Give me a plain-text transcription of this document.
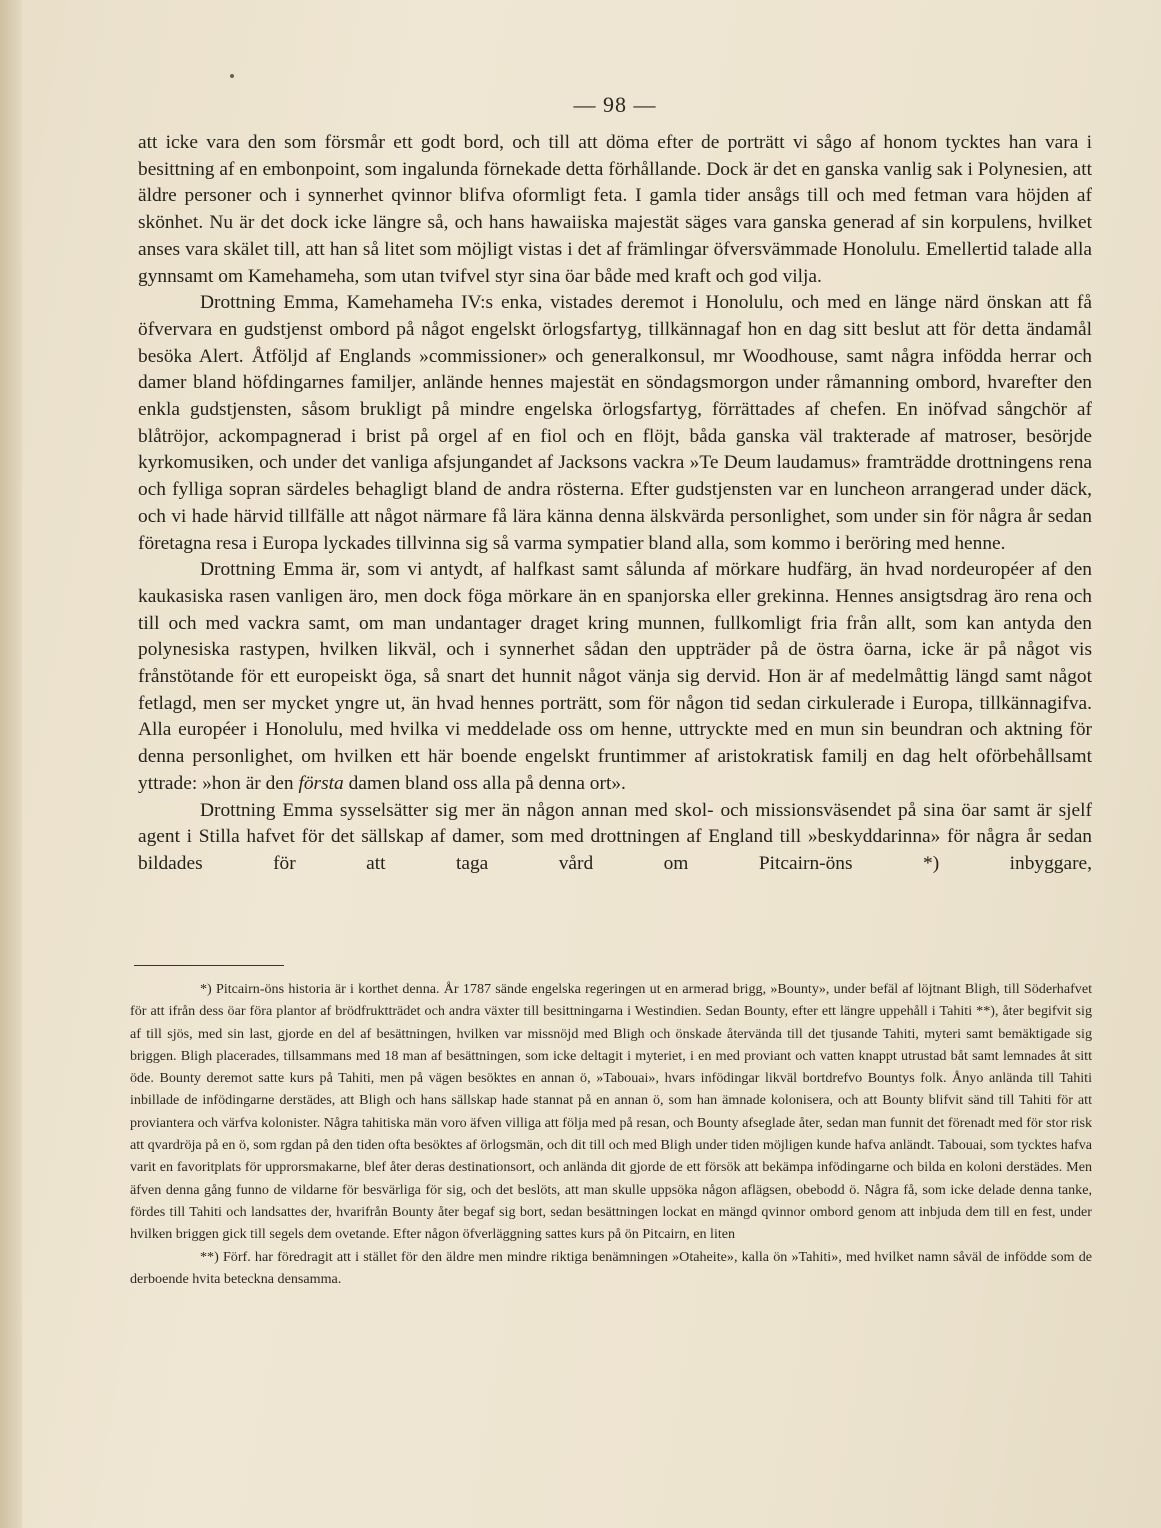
— 98 —

att icke vara den som försmår ett godt bord, och till att döma efter de porträtt vi sågo af honom tycktes han vara i besittning af en embonpoint, som ingalunda förnekade detta förhållande. Dock är det en ganska vanlig sak i Polynesien, att äldre personer och i synnerhet qvinnor blifva oformligt feta. I gamla tider ansågs till och med fetman vara höjden af skönhet. Nu är det dock icke längre så, och hans hawaiiska majestät säges vara ganska generad af sin korpulens, hvilket anses vara skälet till, att han så litet som möjligt vistas i det af främlingar öfversvämmade Honolulu. Emellertid talade alla gynnsamt om Kamehameha, som utan tvifvel styr sina öar både med kraft och god vilja.

Drottning Emma, Kamehameha IV:s enka, vistades deremot i Honolulu, och med en länge närd önskan att få öfvervara en gudstjenst ombord på något engelskt örlogsfartyg, tillkännagaf hon en dag sitt beslut att för detta ändamål besöka Alert. Åtföljd af Englands »commissioner» och generalkonsul, mr Woodhouse, samt några infödda herrar och damer bland höfdingarnes familjer, anlände hennes majestät en söndagsmorgon under råmanning ombord, hvarefter den enkla gudstjensten, såsom brukligt på mindre engelska örlogsfartyg, förrättades af chefen. En inöfvad sångchör af blåtröjor, ackompagnerad i brist på orgel af en fiol och en flöjt, båda ganska väl trakterade af matroser, besörjde kyrkomusiken, och under det vanliga afsjungandet af Jacksons vackra »Te Deum laudamus» framträdde drottningens rena och fylliga sopran särdeles behagligt bland de andra rösterna. Efter gudstjensten var en luncheon arrangerad under däck, och vi hade härvid tillfälle att något närmare få lära känna denna älskvärda personlighet, som under sin för några år sedan företagna resa i Europa lyckades tillvinna sig så varma sympatier bland alla, som kommo i beröring med henne.

Drottning Emma är, som vi antydt, af halfkast samt sålunda af mörkare hudfärg, än hvad nordeuropéer af den kaukasiska rasen vanligen äro, men dock föga mörkare än en spanjorska eller grekinna. Hennes ansigtsdrag äro rena och till och med vackra samt, om man undantager draget kring munnen, fullkomligt fria från allt, som kan antyda den polynesiska rastypen, hvilken likväl, och i synnerhet sådan den uppträder på de östra öarna, icke är på något vis frånstötande för ett europeiskt öga, så snart det hunnit något vänja sig dervid. Hon är af medelmåttig längd samt något fetlagd, men ser mycket yngre ut, än hvad hennes porträtt, som för någon tid sedan cirkulerade i Europa, tillkännagifva. Alla européer i Honolulu, med hvilka vi meddelade oss om henne, uttryckte med en mun sin beundran och aktning för denna personlighet, om hvilken ett här boende engelskt fruntimmer af aristokratisk familj en dag helt oförbehållsamt yttrade: »hon är den första damen bland oss alla på denna ort».

Drottning Emma sysselsätter sig mer än någon annan med skol- och missionsväsendet på sina öar samt är sjelf agent i Stilla hafvet för det sällskap af damer, som med drottningen af England till »beskyddarinna» för några år sedan bildades för att taga vård om Pitcairn-öns *) inbyggare,

*) Pitcairn-öns historia är i korthet denna. År 1787 sände engelska regeringen ut en armerad brigg, »Bounty», under befäl af löjtnant Bligh, till Söderhafvet för att ifrån dess öar föra plantor af brödfruktträdet och andra växter till besittningarna i Westindien. Sedan Bounty, efter ett längre uppehåll i Tahiti **), åter begifvit sig af till sjös, med sin last, gjorde en del af besättningen, hvilken var missnöjd med Bligh och önskade återvända till det tjusande Tahiti, myteri samt bemäktigade sig briggen. Bligh placerades, tillsammans med 18 man af besättningen, som icke deltagit i myteriet, i en med proviant och vatten knappt utrustad båt samt lemnades åt sitt öde. Bounty deremot satte kurs på Tahiti, men på vägen besöktes en annan ö, »Tabouai», hvars infödingar likväl bortdrefvo Bountys folk. Ånyo anlända till Tahiti inbillade de infödingarne derstädes, att Bligh och hans sällskap hade stannat på en annan ö, som han ämnade kolonisera, och att Bounty blifvit sänd till Tahiti för att proviantera och värfva kolonister. Några tahitiska män voro äfven villiga att följa med på resan, och Bounty afseglade åter, sedan man funnit det förenadt med för stor risk att qvardröja på en ö, som rgdan på den tiden ofta besöktes af örlogsmän, och dit till och med Bligh under tiden möjligen kunde hafva anländt. Tabouai, som tycktes hafva varit en favoritplats för upprorsmakarne, blef åter deras destinationsort, och anlända dit gjorde de ett försök att bekämpa infödingarne och bilda en koloni derstädes. Men äfven denna gång funno de vildarne för besvärliga för sig, och det beslöts, att man skulle uppsöka någon aflägsen, obebodd ö. Några få, som icke delade denna tanke, fördes till Tahiti och landsattes der, hvarifrån Bounty åter begaf sig bort, sedan besättningen lockat en mängd qvinnor ombord genom att inbjuda dem till en fest, under hvilken briggen gick till segels dem ovetande. Efter någon öfverläggning sattes kurs på ön Pitcairn, en liten

**) Förf. har föredragit att i stället för den äldre men mindre riktiga benämningen »Otaheite», kalla ön »Tahiti», med hvilket namn såväl de infödde som de derboende hvita beteckna densamma.
